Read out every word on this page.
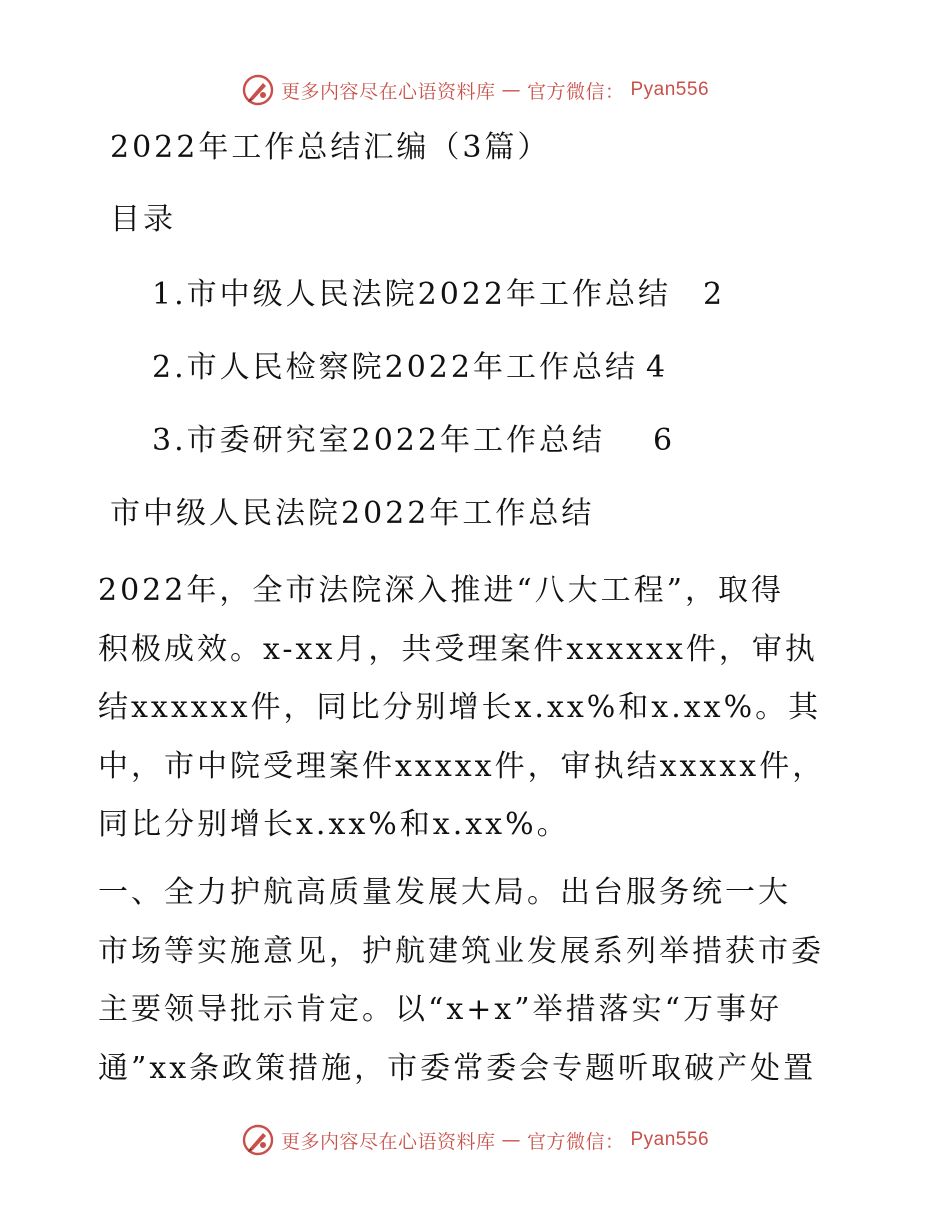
更多内容尽在心语资料库 — 官方微信： Pyan556
2022年工作总结汇编（3篇）
目录
1. 市中级人民法院2022年工作总结 2
2. 市人民检察院2022年工作总结 4
3. 市委研究室2022年工作总结 6
市中级人民法院2022年工作总结
2022年，全市法院深入推进“八大工程”，取得
积极成效。x-xx月，共受理案件xxxxxx件，审执
结xxxxxx件，同比分别增长x.xx%和x.xx%。其
中，市中院受理案件xxxxx件，审执结xxxxx件，
同比分别增长x.xx%和x.xx%。
一、全力护航高质量发展大局。出台服务统一大
市场等实施意见，护航建筑业发展系列举措获市委
主要领导批示肯定。以“x+x”举措落实“万事好
通”xx条政策措施，市委常委会专题听取破产处置
更多内容尽在心语资料库 — 官方微信： Pyan556
